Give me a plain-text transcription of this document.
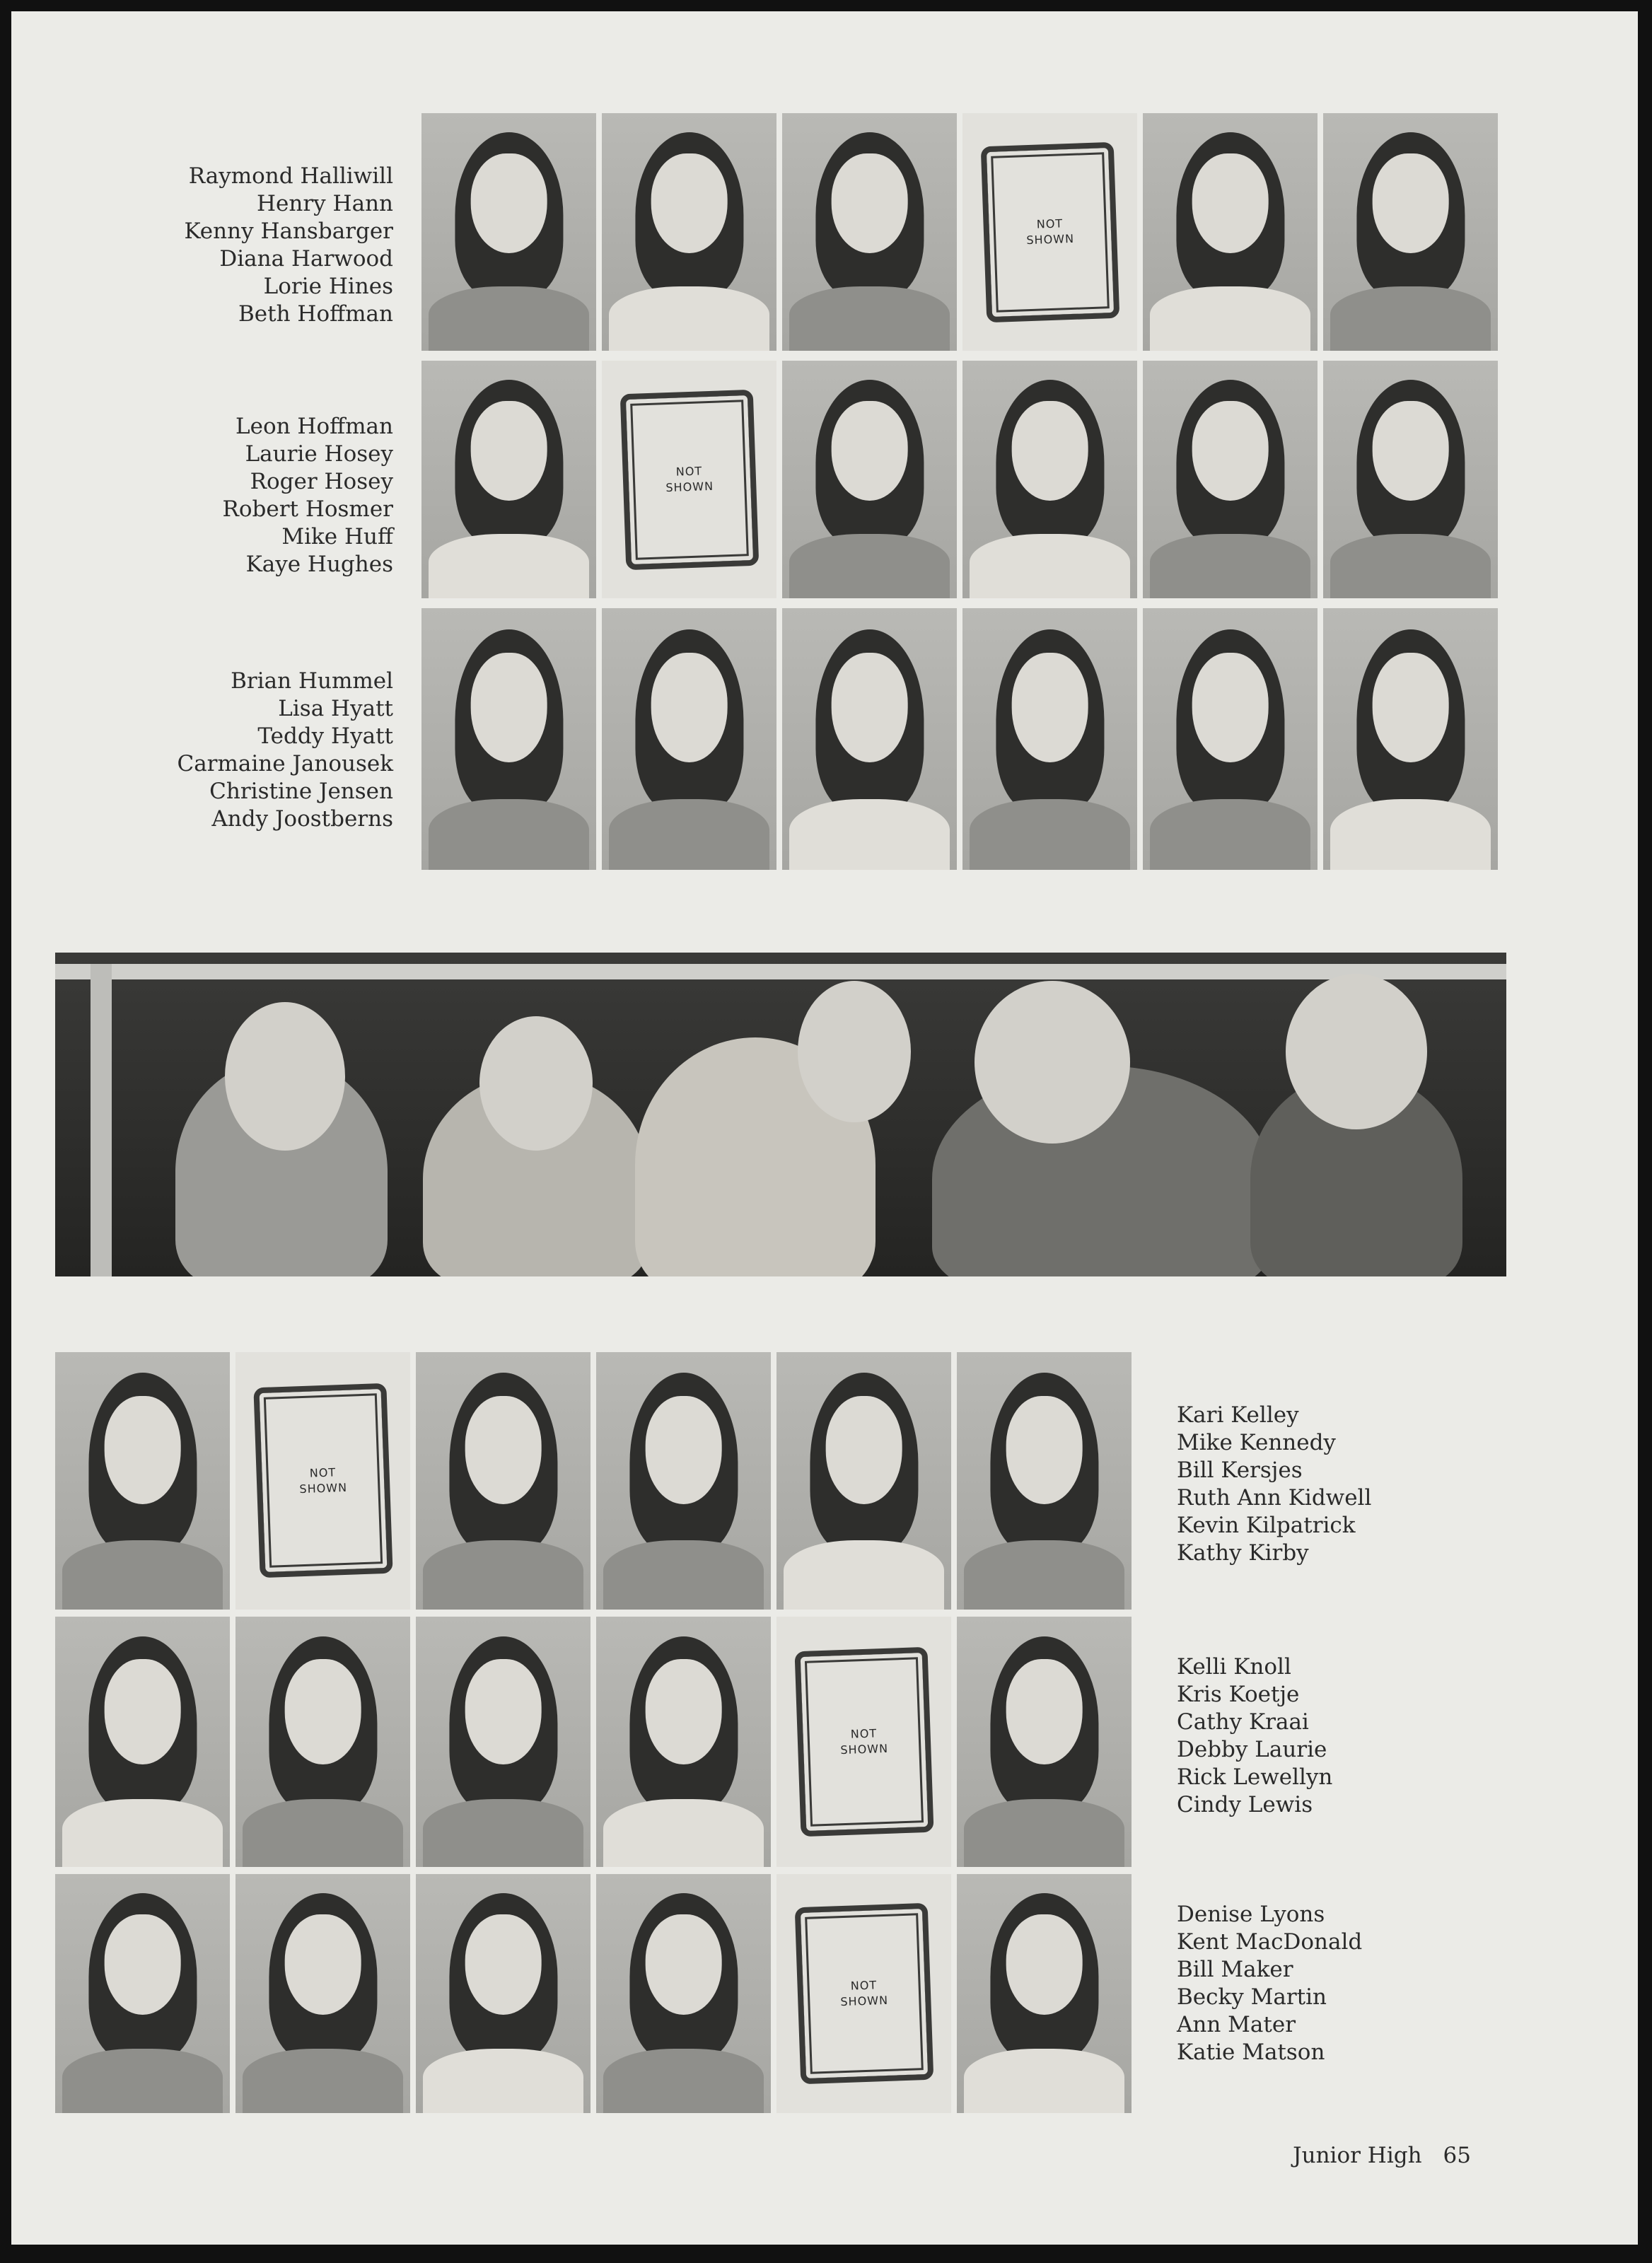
Raymond Halliwill
Henry Hann
Kenny Hansbarger
Diana Harwood
Lorie Hines
Beth Hoffman
NOT
SHOWN
Leon Hoffman
Laurie Hosey
Roger Hosey
Robert Hosmer
Mike Huff
Kaye Hughes
NOT
SHOWN
Brian Hummel
Lisa Hyatt
Teddy Hyatt
Carmaine Janousek
Christine Jensen
Andy Joostberns
NOT
SHOWN
Kari Kelley
Mike Kennedy
Bill Kersjes
Ruth Ann Kidwell
Kevin Kilpatrick
Kathy Kirby
NOT
SHOWN
Kelli Knoll
Kris Koetje
Cathy Kraai
Debby Laurie
Rick Lewellyn
Cindy Lewis
NOT
SHOWN
Denise Lyons
Kent MacDonald
Bill Maker
Becky Martin
Ann Mater
Katie Matson
Junior High 65
